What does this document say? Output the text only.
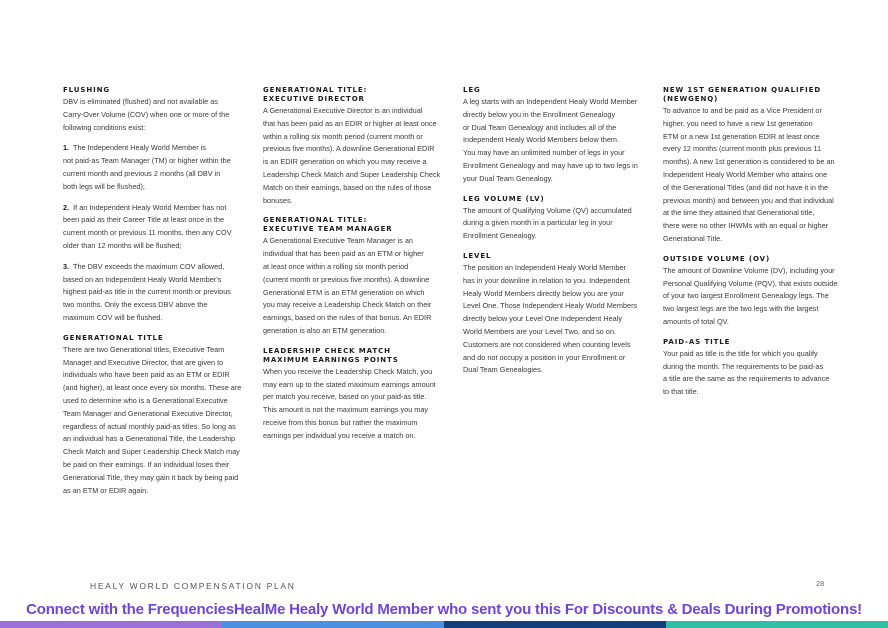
FLUSHING
DBV is eliminated (flushed) and not available as
Carry-Over Volume (COV) when one or more of the
following conditions exist:
1. The Independent Healy World Member is
not paid-as Team Manager (TM) or higher within the
current month and previous 2 months (all DBV in
both legs will be flushed);
2. If an Independent Healy World Member has not
been paid as their Career Title at least once in the
current month or previous 11 months, then any COV
older than 12 months will be flushed;
3. The DBV exceeds the maximum COV allowed,
based on an Independent Healy World Member's
highest paid-as title in the current month or previous
two months. Only the excess DBV above the
maximum COV will be flushed.
GENERATIONAL TITLE
There are two Generational titles, Executive Team
Manager and Executive Director, that are given to
individuals who have been paid as an ETM or EDIR
(and higher), at least once every six months. These are
used to determine who is a Generational Executive
Team Manager and Generational Executive Director,
regardless of actual monthly paid-as titles. So long as
an individual has a Generational Title, the Leadership
Check Match and Super Leadership Check Match may
be paid on their earnings. If an individual loses their
Generational Title, they may gain it back by being paid
as an ETM or EDIR again.
GENERATIONAL TITLE:
EXECUTIVE DIRECTOR
A Generational Executive Director is an individual
that has been paid as an EDIR or higher at least once
within a rolling six month period (current month or
previous five months). A downline Generational EDIR
is an EDIR generation on which you may receive a
Leadership Check Match and Super Leadership Check
Match on their earnings, based on the rules of those
bonuses.
GENERATIONAL TITLE:
EXECUTIVE TEAM MANAGER
A Generational Executive Team Manager is an
individual that has been paid as an ETM or higher
at least once within a rolling six month period
(current month or previous five months). A downline
Generational ETM is an ETM generation on which
you may receive a Leadership Check Match on their
earnings, based on the rules of that bonus. An EDIR
generation is also an ETM generation.
LEADERSHIP CHECK MATCH
MAXIMUM EARNINGS POINTS
When you receive the Leadership Check Match, you
may earn up to the stated maximum earnings amount
per match you receive, based on your paid-as title.
This amount is not the maximum earnings you may
receive from this bonus but rather the maximum
earnings per individual you receive a match on.
LEG
A leg starts with an Independent Healy World Member
directly below you in the Enrollment Genealogy
or Dual Team Genealogy and includes all of the
Independent Healy World Members below them.
You may have an unlimited number of legs in your
Enrollment Genealogy and may have up to two legs in
your Dual Team Genealogy.
LEG VOLUME (LV)
The amount of Qualifying Volume (QV) accumulated
during a given month in a particular leg in your
Enrollment Genealogy.
LEVEL
The position an Independent Healy World Member
has in your downline in relation to you. Independent
Healy World Members directly below you are your
Level One. Those Independent Healy World Members
directly below your Level One Independent Healy
World Members are your Level Two, and so on.
Customers are not considered when counting levels
and do not occupy a position in your Enrollment or
Dual Team Genealogies.
NEW 1ST GENERATION QUALIFIED
(NEWGENQ)
To advance to and be paid as a Vice President or
higher, you need to have a new 1st generation
ETM or a new 1st generation EDIR at least once
every 12 months (current month plus previous 11
months). A new 1st generation is considered to be an
Independent Healy World Member who attains one
of the Generational Titles (and did not have it in the
previous month) and between you and that individual
at the time they attained that Generational title,
there were no other IHWMs with an equal or higher
Generational Title.
OUTSIDE VOLUME (OV)
The amount of Downline Volume (DV), including your
Personal Qualifying Volume (PQV), that exists outside
of your two largest Enrollment Genealogy legs. The
two largest legs are the two legs with the largest
amounts of total QV.
PAID-AS TITLE
Your paid as title is the title for which you qualify
during the month. The requirements to be paid-as
a title are the same as the requirements to advance
to that title.
HEALY WORLD COMPENSATION PLAN	28
Connect with the FrequenciesHealMe Healy World Member who sent you this For Discounts & Deals During Promotions!
